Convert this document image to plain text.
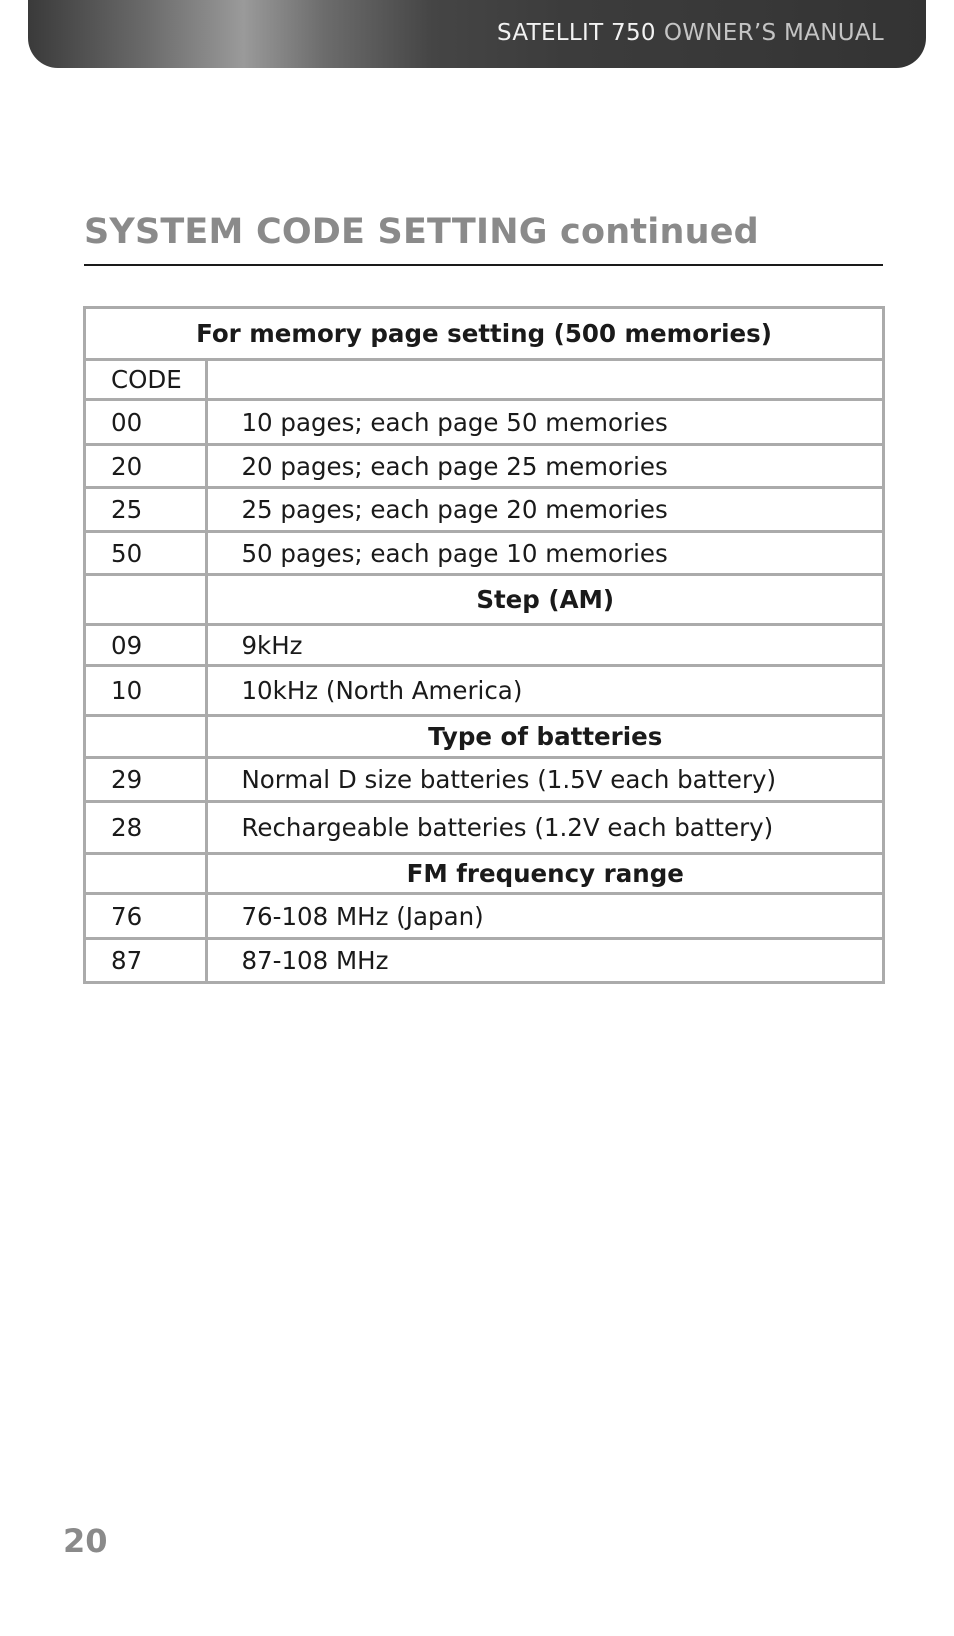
SATELLIT 750 OWNER’S MANUAL
SYSTEM CODE SETTING continued
For memory page setting (500 memories)	
CODE	
00	10 pages; each page 50 memories
20	20 pages; each page 25 memories
25	25 pages; each page 20 memories
50	50 pages; each page 10 memories
	Step (AM)
09	9kHz
10	10kHz (North America)
	Type of batteries
29	Normal D size batteries (1.5V each battery)
28	Rechargeable batteries (1.2V each battery)
	FM frequency range
76	76-108 MHz (Japan)
87	87-108 MHz
20
